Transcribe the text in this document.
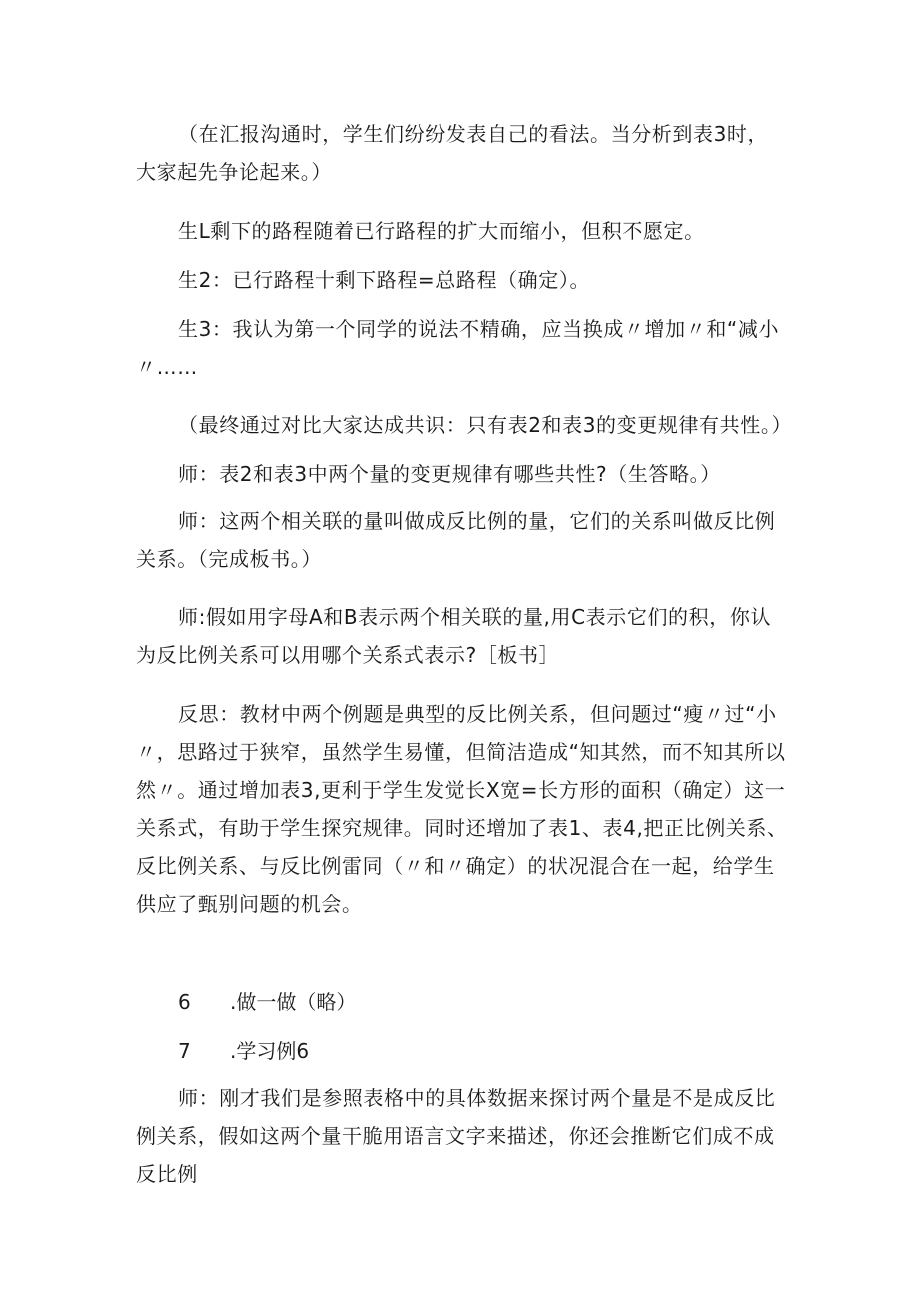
（在汇报沟通时，学生们纷纷发表自己的看法。当分析到表3时，大家起先争论起来。）

生L剩下的路程随着已行路程的扩大而缩小，但积不愿定。

生2：已行路程十剩下路程=总路程（确定）。

生3：我认为第一个同学的说法不精确，应当换成〃增加〃和“减小〃……

（最终通过对比大家达成共识：只有表2和表3的变更规律有共性。）

师：表2和表3中两个量的变更规律有哪些共性?（生答略。）

师：这两个相关联的量叫做成反比例的量，它们的关系叫做反比例关系。（完成板书。）

师:假如用字母A和B表示两个相关联的量,用C表示它们的积，你认为反比例关系可以用哪个关系式表示?［板书］

反思：教材中两个例题是典型的反比例关系，但问题过“瘦〃过“小〃，思路过于狭窄，虽然学生易懂，但简洁造成“知其然，而不知其所以然〃。通过增加表3,更利于学生发觉长X宽=长方形的面积（确定）这一关系式，有助于学生探究规律。同时还增加了表1、表4,把正比例关系、反比例关系、与反比例雷同（〃和〃确定）的状况混合在一起，给学生供应了甄别问题的机会。

6 .做一做（略）
7 .学习例6

师：刚才我们是参照表格中的具体数据来探讨两个量是不是成反比例关系，假如这两个量干脆用语言文字来描述，你还会推断它们成不成反比例
